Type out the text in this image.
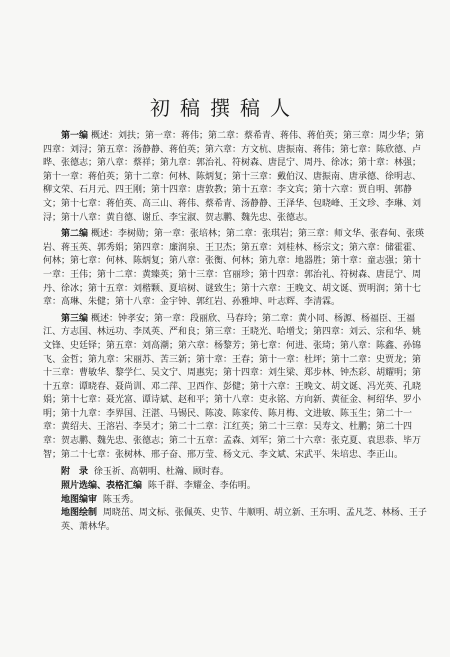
初稿撰稿人

第一编 概述：刘扶；第一章：蒋伟；第二章：蔡希青、蒋伟、蒋伯英；第三章：周少华；第四章：刘浔；第五章：汤静静、蒋伯英；第六章：方文杭、唐振南、蒋伟；第七章：陈欣德、卢晔、张德志；第八章：蔡祥；第九章：郭治礼、符树森、唐昆宁、周丹、徐冰；第十章：林强；第十一章：蒋伯英；第十二章：何林、陈炳复；第十三章：戴伯汉、唐振南、唐承德、徐明志、柳文荣、石月元、四王刚；第十四章：唐敦教；第十五章：李文宾；第十六章：贾自明、郭静文；第十七章：蒋伯英、高三山、蒋伟、蔡希青、汤静静、王泽华、包晓峰、王文珍、李琳、刘浔；第十八章：黄自德、谢丘、李宝淑、贺志鹏、魏先忠、张德志。

第二编 概述：李树勋；第一章：张培林；第二章：张琪岩；第三章：师文华、张春甸、张瑛岩、蒋玉英、郭秀娟；第四章：廉润泉、王卫杰；第五章：刘桂林、杨宗文；第六章：储霍霍、何林；第七章：何林、陈炳复；第八章：张衡、何林；第九章：地器胜；第十章：童志强；第十一章：王伟；第十二章：黄臻英；第十三章：官丽珍；第十四章：郭治礼、符树森、唐昆宁、周丹、徐冰；第十五章：刘楷颗、夏培树、谜致生；第十六章：王晚文、胡文诞、贾明润；第十七章：高琳、朱健；第十八章：金宇钟、郭红岩、孙雅坤、叶志辉、李清霖。

第三编 概述：钟孝安；第一章：段丽欣、马春玲；第二章：黄小同、杨源、杨福臣、王福江、方志国、林远功、李凤英、严和良；第三章：王晓光、哈增戈；第四章：刘云、宗和华、姚文锋、史廷铎；第五章：刘高潮；第六章：杨黎芳；第七章：何进、张琦；第八章：陈鑫、孙锦飞、金哲；第九章：宋丽苏、苦三新；第十章：王春；第十一章：杜坪；第十二章：史贾龙；第十三章：曹敏华、黎学仁、吴文宁、周惠宪；第十四章：刘生梁、郑步林、钟杰彩、胡耀明；第十五章：谭晓春、聂尚训、邓二萍、卫西作、彭健；第十六章：王晚文、胡文诞、冯光英、孔晓娟；第十七章：聂光富、谭诗斌、赵和平；第十八章：吏永铭、方向新、黄征金、柯绍华、罗小明；第十九章：李界国、汪湛、马锡民、陈凌、陈家传、陈月梅、文进敏、陈玉生；第二十一章：黄绍夫、王溶岩、李昊才；第二十二章：江红英；第二十三章：吴寿文、杜鹏；第二十四章：贺志鹏、魏先忠、张德志；第二十五章：孟森、刘军；第二十六章：张克夏、袁思恭、毕万智；第二十七章：张树林、邢子奋、邢万莹、杨文元、李文斌、宋武平、朱培忠、李正山。

附　录 徐玉祈、高朝明、杜瀚、顾时春。

照片选编、表格汇编 陈千群、李耀金、李佑明。

地图编审 陈玉秀。

地图绘制 周晓茁、周文标、张佩英、史节、牛顺明、胡立新、王东明、孟凡芝、林杨、王子英、萧林华。
